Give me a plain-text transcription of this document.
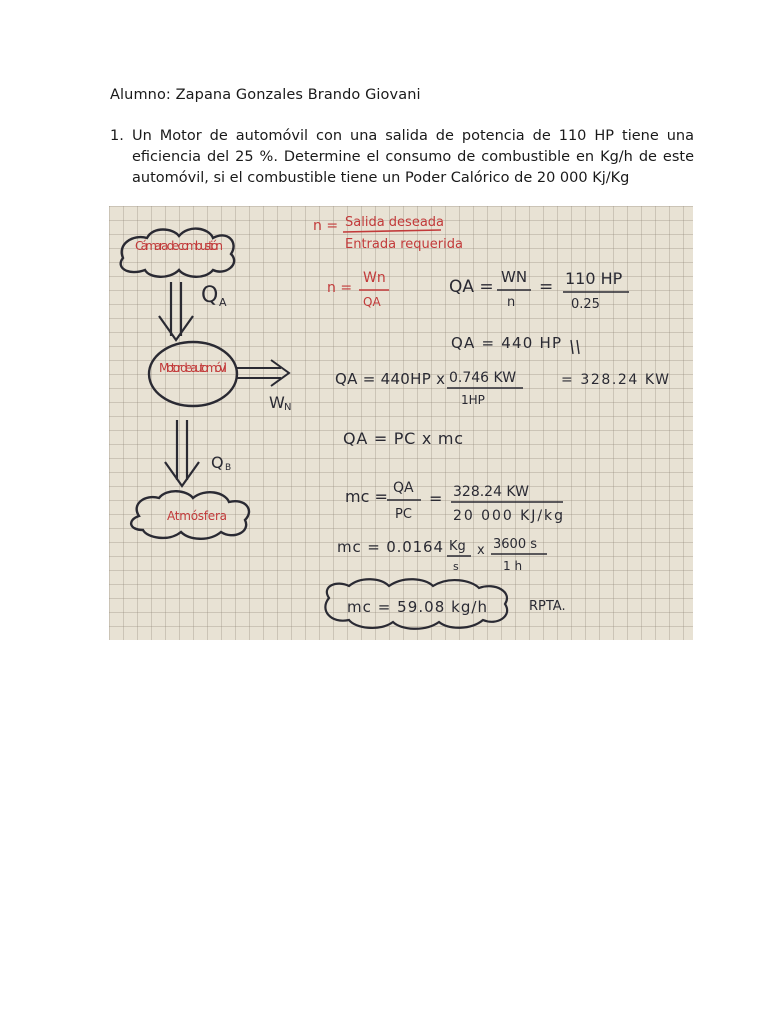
Alumno: Zapana Gonzales Brando Giovani
1. Un Motor de automóvil con una salida de potencia de 110 HP tiene una eficiencia del 25 %. Determine el consumo de combustible en Kg/h de este automóvil, si el combustible tiene un Poder Calórico de 20 000 Kj/Kg
Cámara de combustión
Q A
Motor de automóvil
W N
Q B
Atmósfera
n = Salida deseada
Entrada requerida
n =
Wn
QA
QA = WN
n
= 110 HP
0.25
QA = 440 HP
QA = 440HP x 0.746 KW
1HP
= 328.24 KW
QA = PC x mc
mc = QA
PC
= 328.24 KW
20 000 KJ/kg
mc = 0.0164 Kg
s
x 3600 s
1 h
mc = 59.08 kg/h	RPTA.
